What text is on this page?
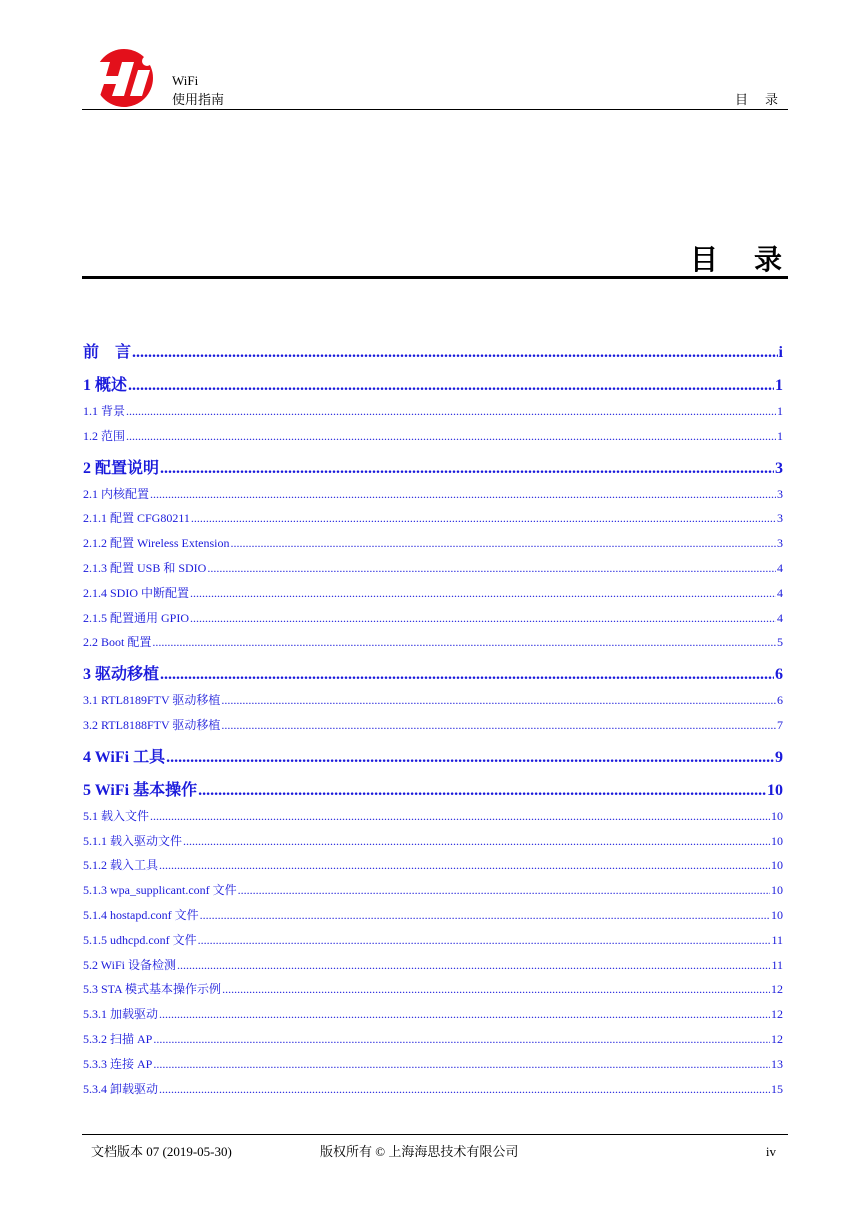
WiFi
使用指南	目　录
目　录
前　言 .....	i
1 概述 .....	1
1.1 背景 .....	1
1.2 范围 .....	1
2 配置说明 .....	3
2.1 内核配置 .....	3
2.1.1 配置 CFG80211 .....	3
2.1.2 配置 Wireless Extension .....	3
2.1.3 配置 USB 和 SDIO .....	4
2.1.4 SDIO 中断配置 .....	4
2.1.5 配置通用 GPIO .....	4
2.2 Boot 配置 .....	5
3 驱动移植 .....	6
3.1 RTL8189FTV 驱动移植 .....	6
3.2 RTL8188FTV 驱动移植 .....	7
4 WiFi 工具 .....	9
5 WiFi 基本操作 .....	10
5.1 载入文件 .....	10
5.1.1 载入驱动文件 .....	10
5.1.2 载入工具 .....	10
5.1.3 wpa_supplicant.conf 文件 .....	10
5.1.4 hostapd.conf 文件 .....	10
5.1.5 udhcpd.conf 文件 .....	11
5.2 WiFi 设备检测 .....	11
5.3 STA 模式基本操作示例 .....	12
5.3.1 加载驱动 .....	12
5.3.2 扫描 AP .....	12
5.3.3 连接 AP .....	13
5.3.4 卸载驱动 .....	15
文档版本 07 (2019-05-30)	版权所有 © 上海海思技术有限公司	iv
